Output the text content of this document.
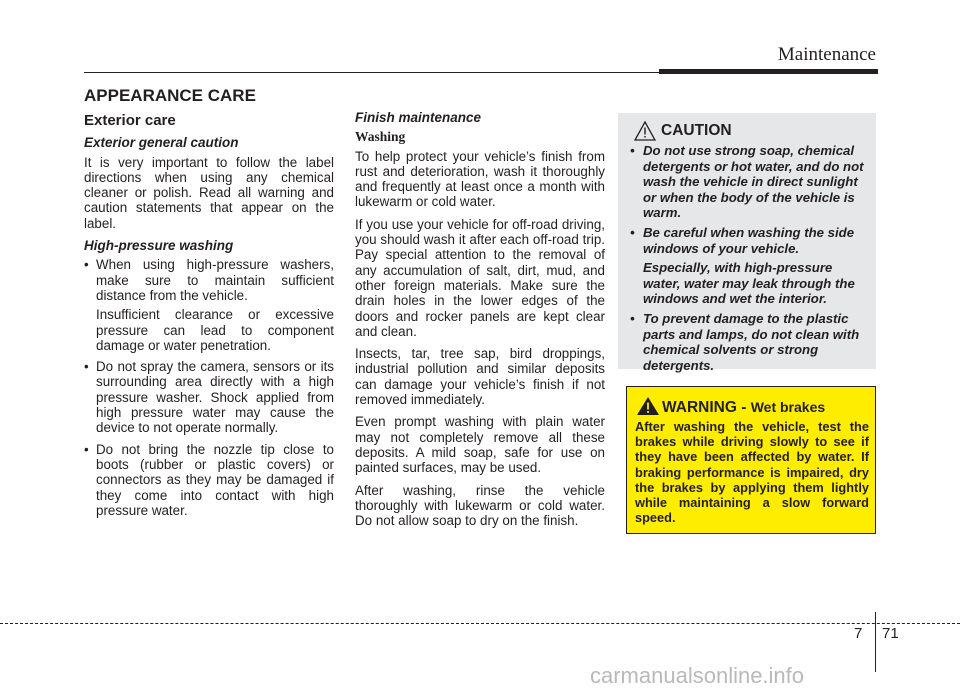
Maintenance
APPEARANCE CARE
Exterior care
Exterior general caution

It is very important to follow the label directions when using any chemical cleaner or polish. Read all warning and caution statements that appear on the label.

High-pressure washing
• When using high-pressure washers, make sure to maintain sufficient distance from the vehicle.

Insufficient clearance or excessive pressure can lead to component damage or water penetration.

• Do not spray the camera, sensors or its surrounding area directly with a high pressure washer. Shock applied from high pressure water may cause the device to not operate normally.

• Do not bring the nozzle tip close to boots (rubber or plastic covers) or connectors as they may be damaged if they come into contact with high pressure water.

Finish maintenance
Washing

To help protect your vehicle’s finish from rust and deterioration, wash it thoroughly and frequently at least once a month with lukewarm or cold water.

If you use your vehicle for off-road driving, you should wash it after each off-road trip. Pay special attention to the removal of any accumulation of salt, dirt, mud, and other foreign materials. Make sure the drain holes in the lower edges of the doors and rocker panels are kept clear and clean.

Insects, tar, tree sap, bird droppings, industrial pollution and similar deposits can damage your vehicle’s finish if not removed immediately.

Even prompt washing with plain water may not completely remove all these deposits. A mild soap, safe for use on painted surfaces, may be used.

After washing, rinse the vehicle thoroughly with lukewarm or cold water. Do not allow soap to dry on the finish.

CAUTION
• Do not use strong soap, chemical detergents or hot water, and do not wash the vehicle in direct sunlight or when the body of the vehicle is warm.

• Be careful when washing the side windows of your vehicle.

Especially, with high-pressure water, water may leak through the windows and wet the interior.

• To prevent damage to the plastic parts and lamps, do not clean with chemical solvents or strong detergents.

WARNING - Wet brakes
After washing the vehicle, test the brakes while driving slowly to see if they have been affected by water. If braking performance is impaired, dry the brakes by applying them lightly while maintaining a slow forward speed.
7 71
carmanualsonline.info
